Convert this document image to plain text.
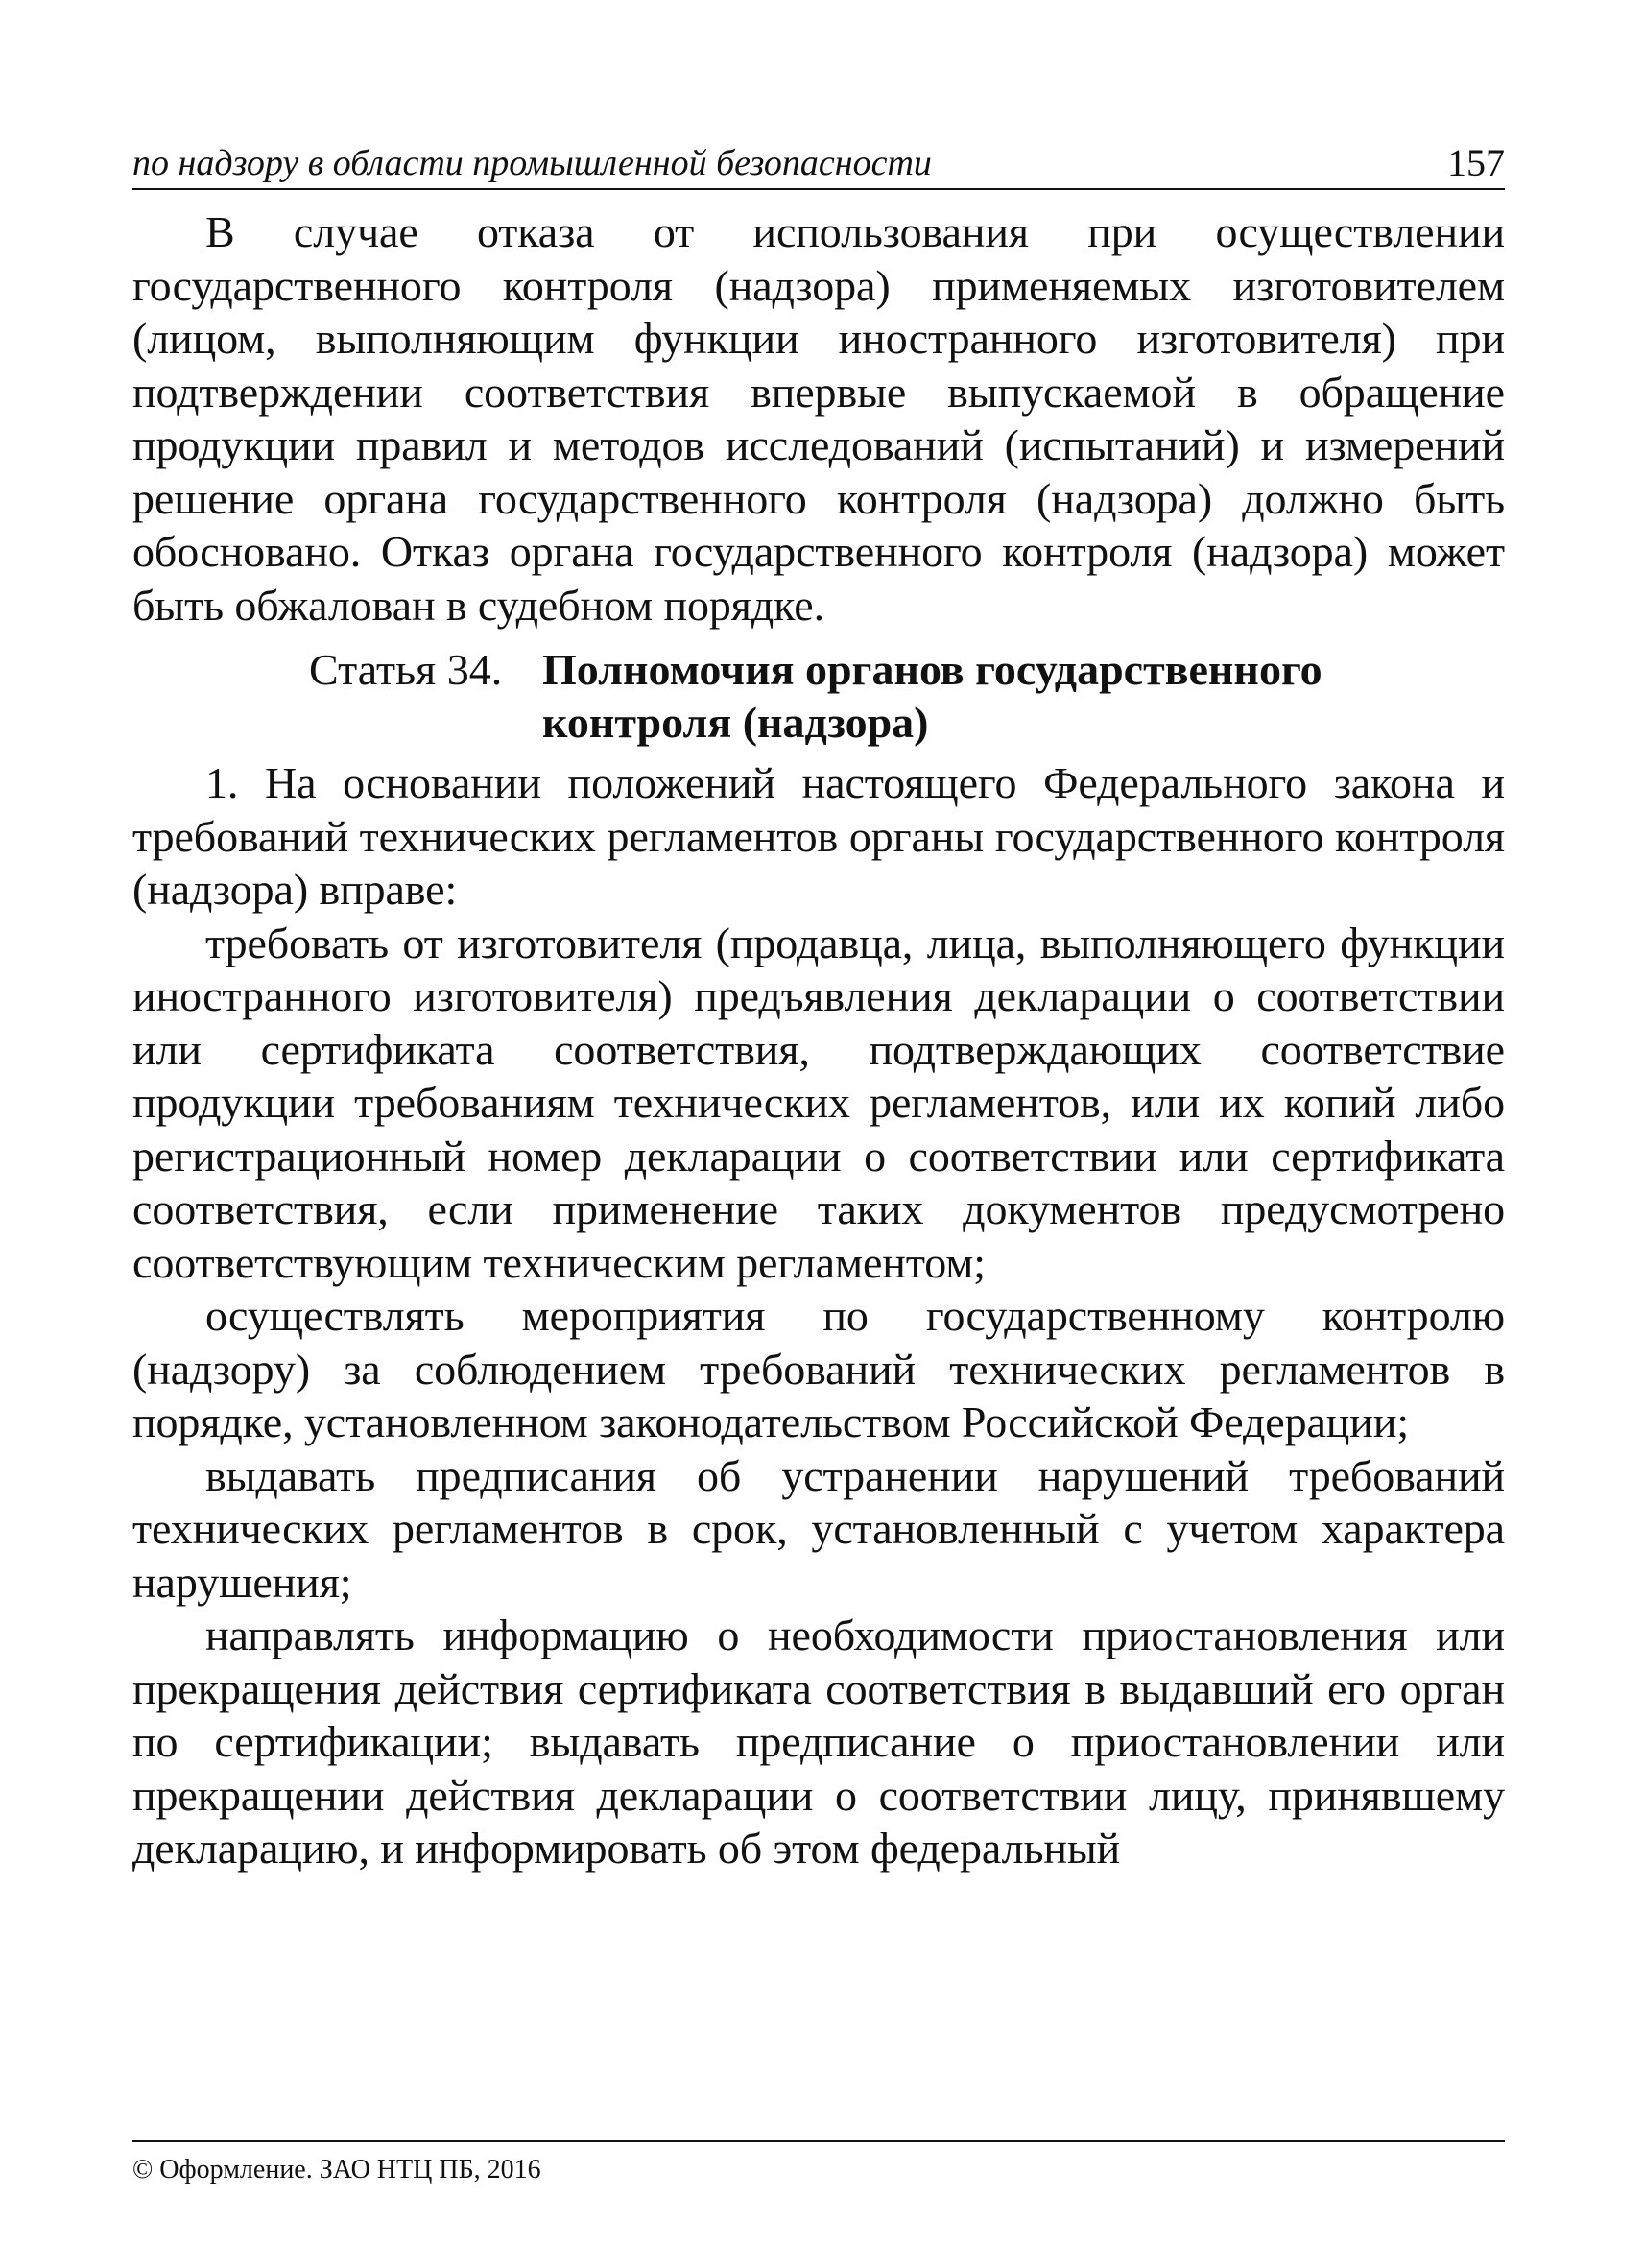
по надзору в области промышленной безопасности	157

В случае отказа от использования при осуществлении государственного контроля (надзора) применяемых изготовителем (лицом, выполняющим функции иностранного изготовителя) при подтверждении соответствия впервые выпускаемой в обращение продукции правил и методов исследований (испытаний) и измерений решение органа государственного контроля (надзора) должно быть обосновано. Отказ органа государственного контроля (надзора) может быть обжалован в судебном порядке.

Статья 34. Полномочия органов государственного
контроля (надзора)

1. На основании положений настоящего Федерального закона и требований технических регламентов органы государственного контроля (надзора) вправе:

требовать от изготовителя (продавца, лица, выполняющего функции иностранного изготовителя) предъявления декларации о соответствии или сертификата соответствия, подтверждающих соответствие продукции требованиям технических регламентов, или их копий либо регистрационный номер декларации о соответствии или сертификата соответствия, если применение таких документов предусмотрено соответствующим техническим регламентом;

осуществлять мероприятия по государственному контролю (надзору) за соблюдением требований технических регламентов в порядке, установленном законодательством Российской Федерации;

выдавать предписания об устранении нарушений требований технических регламентов в срок, установленный с учетом характера нарушения;

направлять информацию о необходимости приостановления или прекращения действия сертификата соответствия в выдавший его орган по сертификации; выдавать предписание о приостановлении или прекращении действия декларации о соответствии лицу, принявшему декларацию, и информировать об этом федеральный

© Оформление. ЗАО НТЦ ПБ, 2016
